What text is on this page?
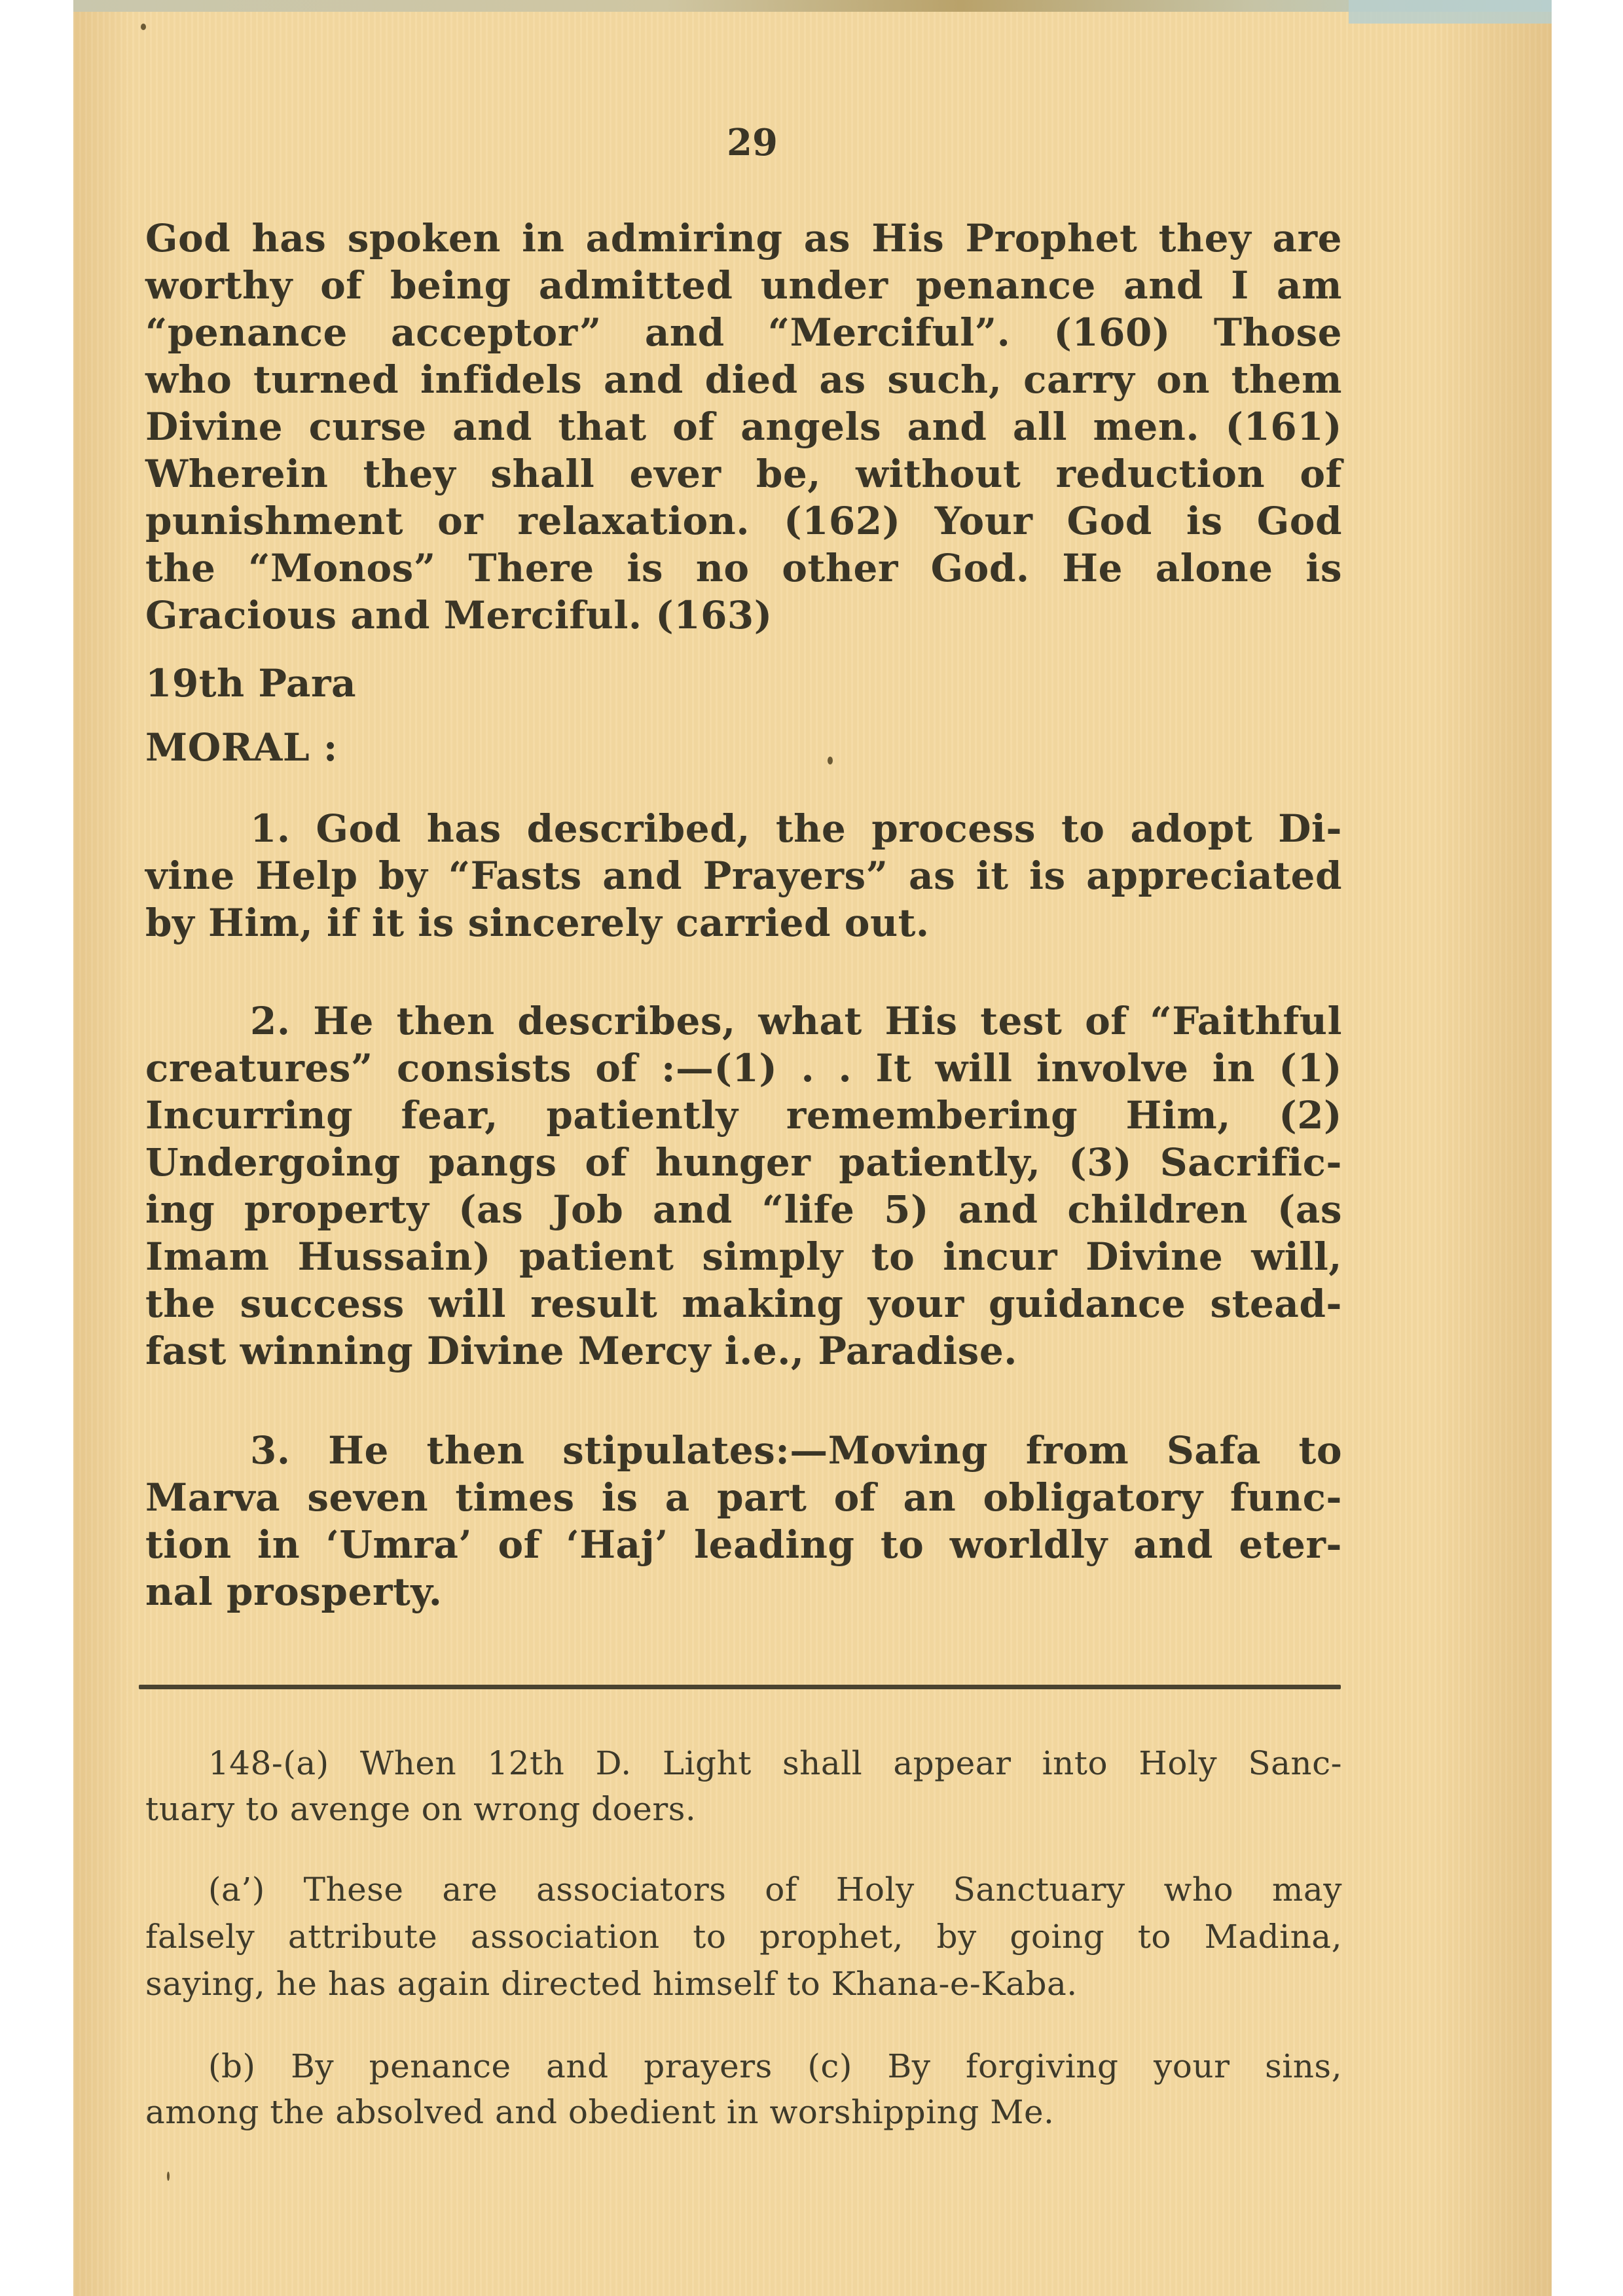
29
God has spoken in admiring as His Prophet they are
worthy of being admitted under penance and I am
“penance acceptor” and “Merciful”. (160) Those
who turned infidels and died as such, carry on them
Divine curse and that of angels and all men. (161)
Wherein they shall ever be, without reduction of
punishment or relaxation. (162) Your God is God
the “Monos” There is no other God. He alone is
Gracious and Merciful. (163)
19th Para
MORAL :
1. God has described, the process to adopt Di-
vine Help by “Fasts and Prayers” as it is appreciated
by Him, if it is sincerely carried out.
2. He then describes, what His test of “Faithful
creatures” consists of :—(1) . . It will involve in (1)
Incurring fear, patiently remembering Him, (2)
Undergoing pangs of hunger patiently, (3) Sacrific-
ing property (as Job and “life 5) and children (as
Imam Hussain) patient simply to incur Divine will,
the success will result making your guidance stead-
fast winning Divine Mercy i.e., Paradise.
3. He then stipulates:—Moving from Safa to
Marva seven times is a part of an obligatory func-
tion in ‘Umra’ of ‘Haj’ leading to worldly and eter-
nal prosperty.
148-(a) When 12th D. Light shall appear into Holy Sanc-
tuary to avenge on wrong doers.
(a’) These are associators of Holy Sanctuary who may
falsely attribute association to prophet, by going to Madina,
saying, he has again directed himself to Khana-e-Kaba.
(b) By penance and prayers (c) By forgiving your sins,
among the absolved and obedient in worshipping Me.
